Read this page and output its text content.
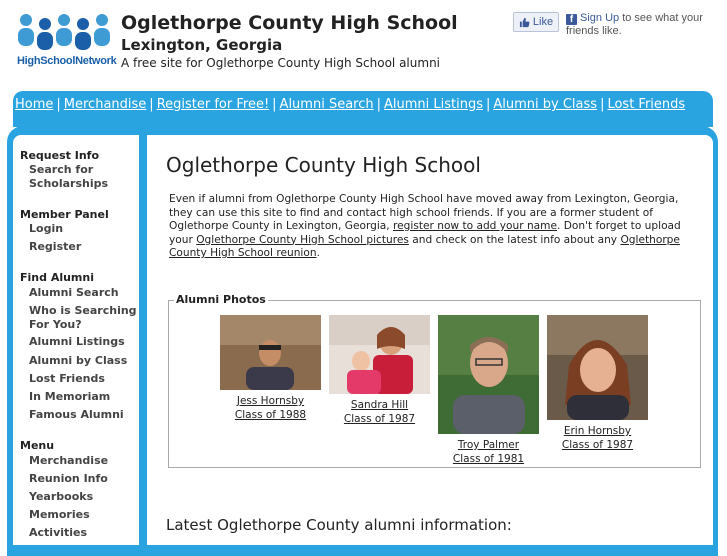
HighSchoolNetwork
Oglethorpe County High School
Lexington, Georgia
A free site for Oglethorpe County High School alumni
Like	f Sign Up to see what your friends like.
Home | Merchandise | Register for Free! | Alumni Search | Alumni Listings | Alumni by Class | Lost Friends
Request Info
Search for Scholarships
Member Panel
Login
Register
Find Alumni
Alumni Search
Who is Searching For You?
Alumni Listings
Alumni by Class
Lost Friends
In Memoriam
Famous Alumni
Menu
Merchandise
Reunion Info
Yearbooks
Memories
Activities
Oglethorpe County High School
Even if alumni from Oglethorpe County High School have moved away from Lexington, Georgia, they can use this site to find and contact high school friends. If you are a former student of Oglethorpe County in Lexington, Georgia, register now to add your name. Don't forget to upload your Oglethorpe County High School pictures and check on the latest info about any Oglethorpe County High School reunion.
Alumni Photos
Jess Hornsby
Class of 1988
Sandra Hill
Class of 1987
Troy Palmer
Class of 1981
Erin Hornsby
Class of 1987
Latest Oglethorpe County alumni information:
